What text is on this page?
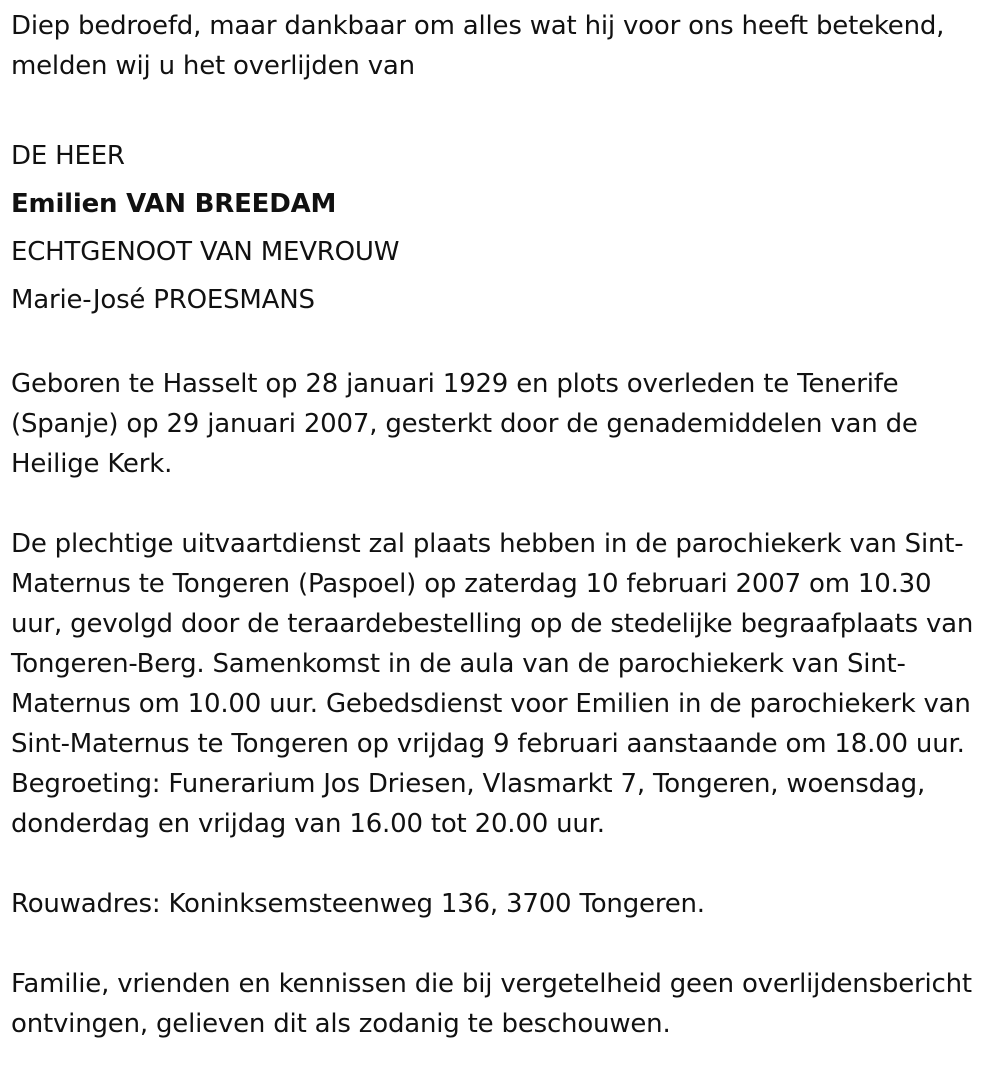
Diep bedroefd, maar dankbaar om alles wat hij voor ons heeft betekend, melden wij u het overlijden van

DE HEER

Emilien VAN BREEDAM

ECHTGENOOT VAN MEVROUW

Marie-José PROESMANS

Geboren te Hasselt op 28 januari 1929 en plots overleden te Tenerife (Spanje) op 29 januari 2007, gesterkt door de genademiddelen van de Heilige Kerk.

De plechtige uitvaartdienst zal plaats hebben in de parochiekerk van Sint-Maternus te Tongeren (Paspoel) op zaterdag 10 februari 2007 om 10.30 uur, gevolgd door de teraardebestelling op de stedelijke begraafplaats van Tongeren-Berg. Samenkomst in de aula van de parochiekerk van Sint-Maternus om 10.00 uur. Gebedsdienst voor Emilien in de parochiekerk van Sint-Maternus te Tongeren op vrijdag 9 februari aanstaande om 18.00 uur. Begroeting: Funerarium Jos Driesen, Vlasmarkt 7, Tongeren, woensdag, donderdag en vrijdag van 16.00 tot 20.00 uur.

Rouwadres: Koninksemsteenweg 136, 3700 Tongeren.

Familie, vrienden en kennissen die bij vergetelheid geen overlijdensbericht ontvingen, gelieven dit als zodanig te beschouwen.
